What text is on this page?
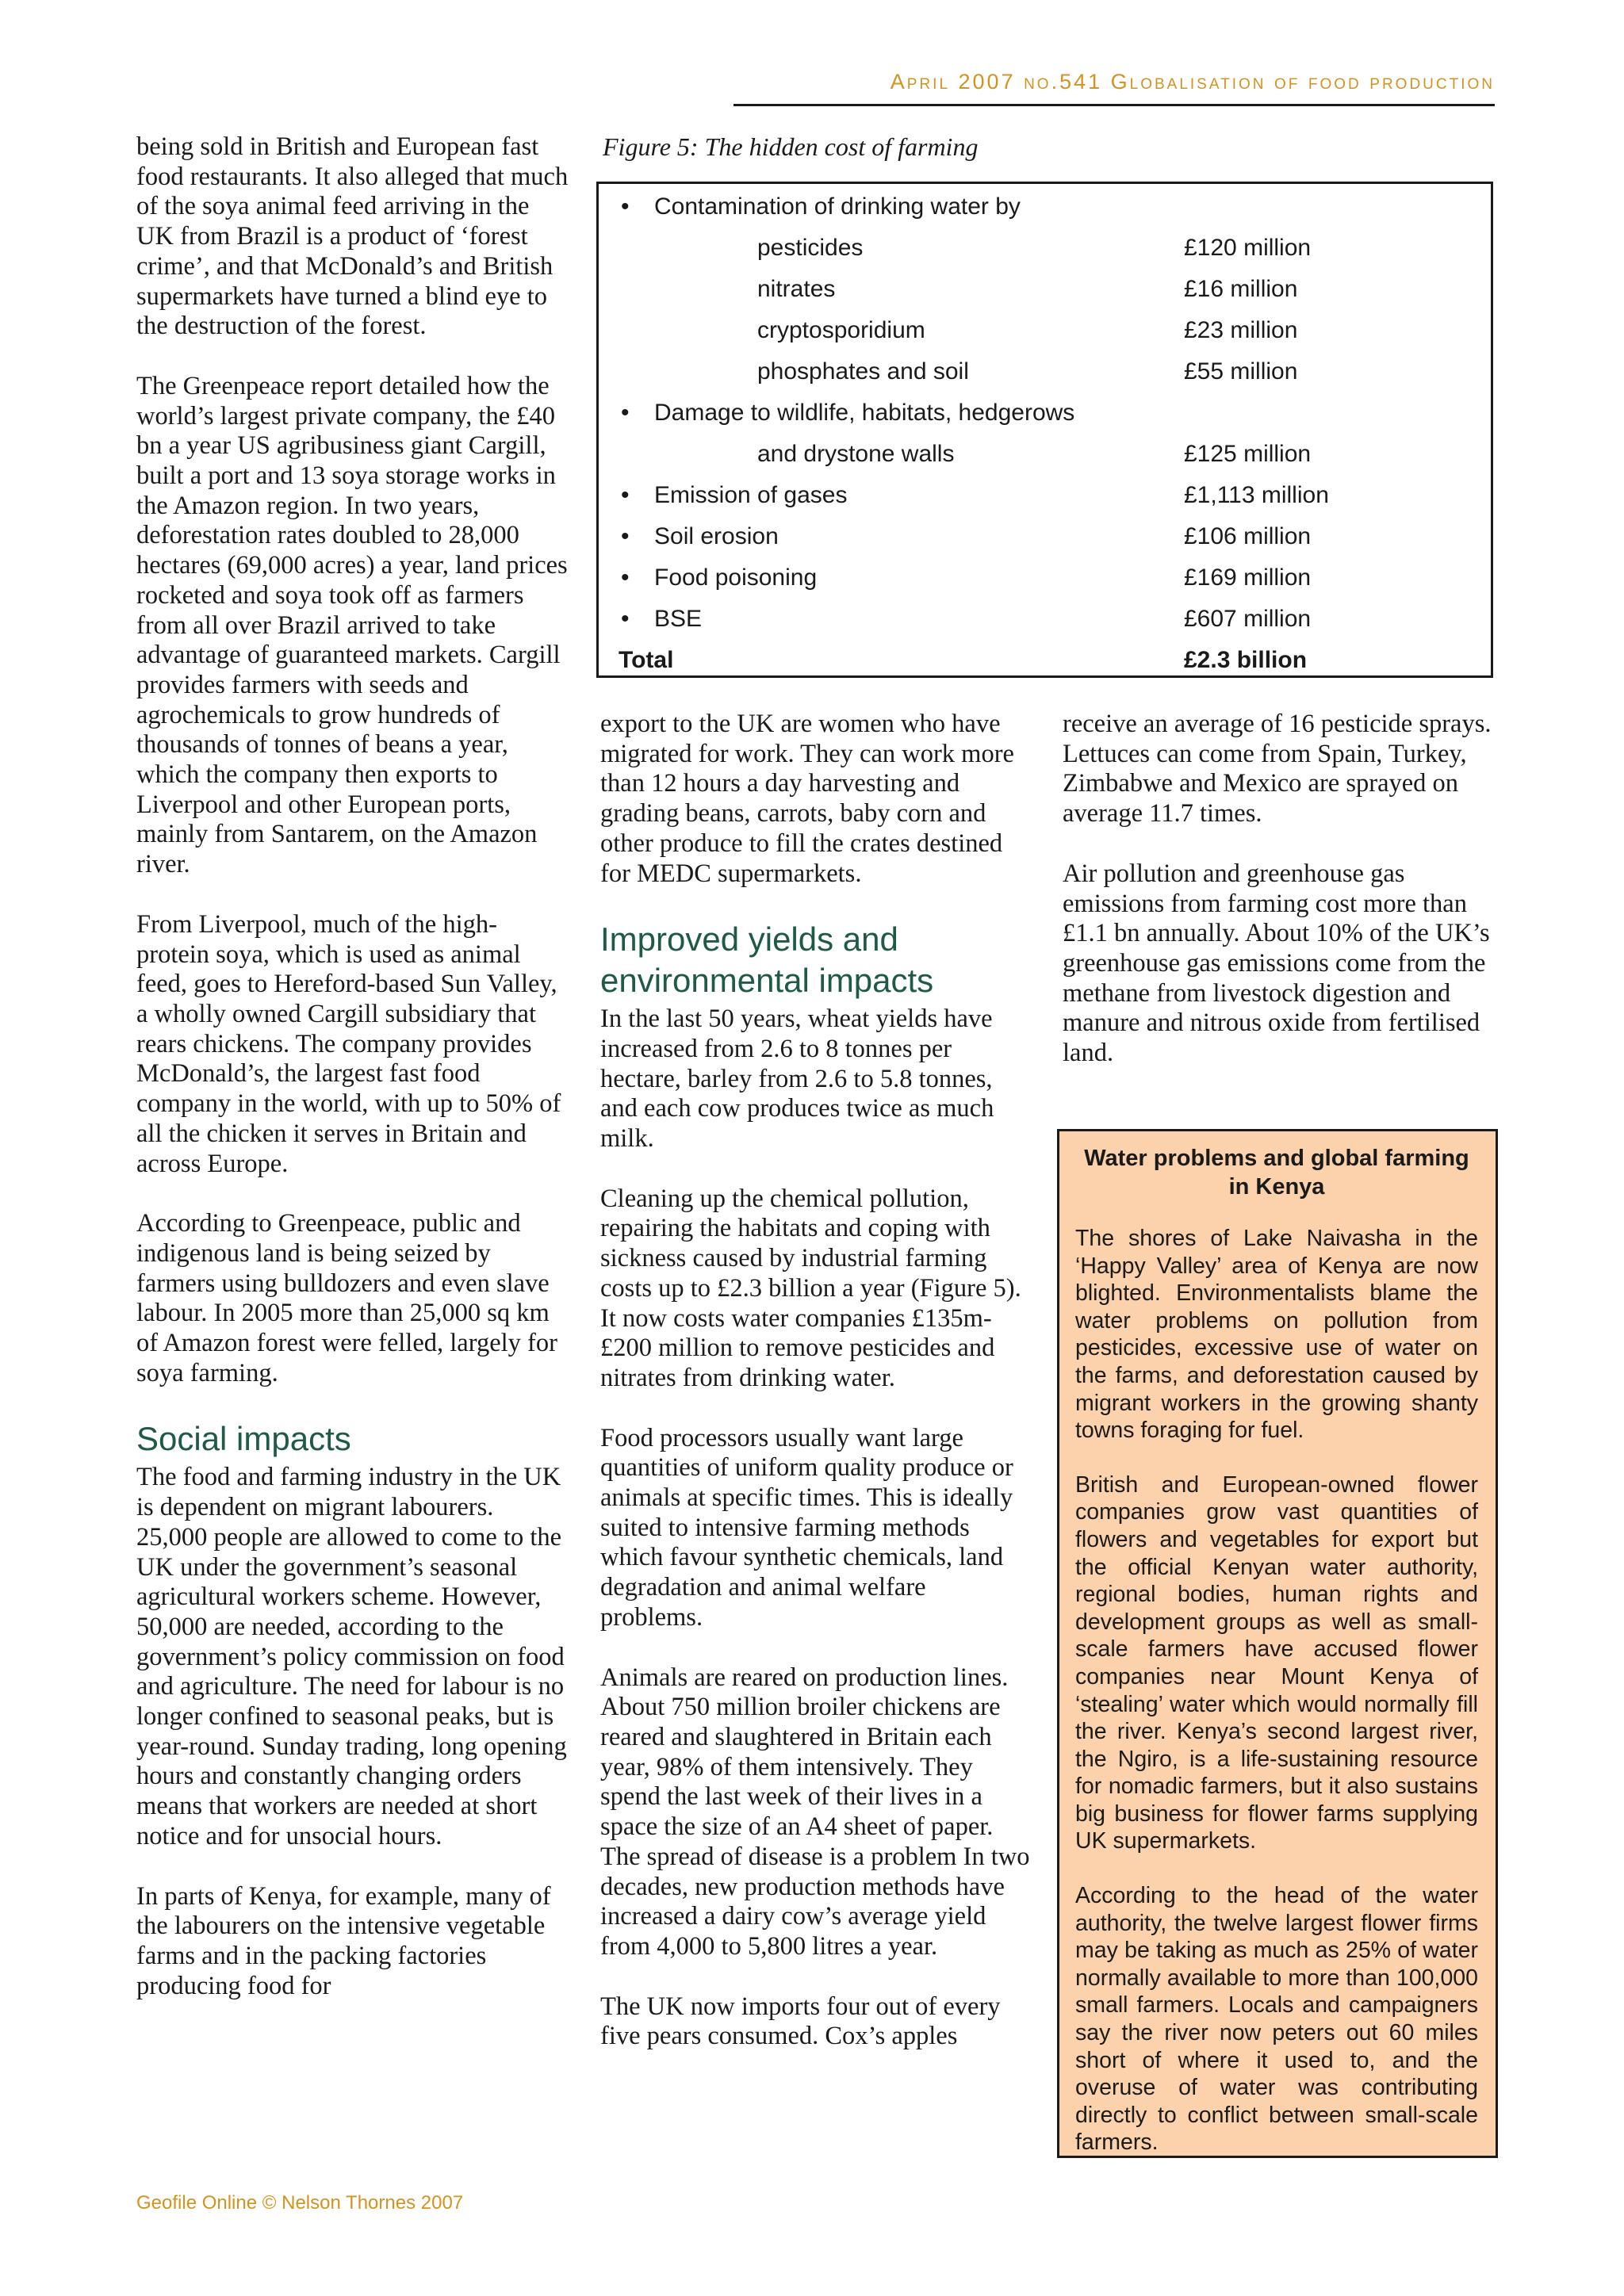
April 2007 no.541 Globalisation of food production

being sold in British and European fast food restaurants. It also alleged that much of the soya animal feed arriving in the UK from Brazil is a product of ‘forest crime’, and that McDonald’s and British supermarkets have turned a blind eye to the destruction of the forest.

The Greenpeace report detailed how the world’s largest private company, the £40 bn a year US agribusiness giant Cargill, built a port and 13 soya storage works in the Amazon region. In two years, deforestation rates doubled to 28,000 hectares (69,000 acres) a year, land prices rocketed and soya took off as farmers from all over Brazil arrived to take advantage of guaranteed markets. Cargill provides farmers with seeds and agrochemicals to grow hundreds of thousands of tonnes of beans a year, which the company then exports to Liverpool and other European ports, mainly from Santarem, on the Amazon river.

From Liverpool, much of the high-protein soya, which is used as animal feed, goes to Hereford-based Sun Valley, a wholly owned Cargill subsidiary that rears chickens. The company provides McDonald’s, the largest fast food company in the world, with up to 50% of all the chicken it serves in Britain and across Europe.

According to Greenpeace, public and indigenous land is being seized by farmers using bulldozers and even slave labour. In 2005 more than 25,000 sq km of Amazon forest were felled, largely for soya farming.

Social impacts

The food and farming industry in the UK is dependent on migrant labourers. 25,000 people are allowed to come to the UK under the government’s seasonal agricultural workers scheme. However, 50,000 are needed, according to the government’s policy commission on food and agriculture. The need for labour is no longer confined to seasonal peaks, but is year-round. Sunday trading, long opening hours and constantly changing orders means that workers are needed at short notice and for unsocial hours.

In parts of Kenya, for example, many of the labourers on the intensive vegetable farms and in the packing factories producing food for

Figure 5: The hidden cost of farming
• Contamination of drinking water by
pesticides	£120 million
nitrates	£16 million
cryptosporidium	£23 million
phosphates and soil	£55 million
• Damage to wildlife, habitats, hedgerows
and drystone walls	£125 million
• Emission of gases	£1,113 million
• Soil erosion	£106 million
• Food poisoning	£169 million
• BSE	£607 million
Total	£2.3 billion

export to the UK are women who have migrated for work. They can work more than 12 hours a day harvesting and grading beans, carrots, baby corn and other produce to fill the crates destined for MEDC supermarkets.

Improved yields and environmental impacts

In the last 50 years, wheat yields have increased from 2.6 to 8 tonnes per hectare, barley from 2.6 to 5.8 tonnes, and each cow produces twice as much milk.

Cleaning up the chemical pollution, repairing the habitats and coping with sickness caused by industrial farming costs up to £2.3 billion a year (Figure 5). It now costs water companies £135m-£200 million to remove pesticides and nitrates from drinking water.

Food processors usually want large quantities of uniform quality produce or animals at specific times. This is ideally suited to intensive farming methods which favour synthetic chemicals, land degradation and animal welfare problems.

Animals are reared on production lines. About 750 million broiler chickens are reared and slaughtered in Britain each year, 98% of them intensively. They spend the last week of their lives in a space the size of an A4 sheet of paper. The spread of disease is a problem In two decades, new production methods have increased a dairy cow’s average yield from 4,000 to 5,800 litres a year.

The UK now imports four out of every five pears consumed. Cox’s apples

receive an average of 16 pesticide sprays. Lettuces can come from Spain, Turkey, Zimbabwe and Mexico are sprayed on average 11.7 times.

Air pollution and greenhouse gas emissions from farming cost more than £1.1 bn annually. About 10% of the UK’s greenhouse gas emissions come from the methane from livestock digestion and manure and nitrous oxide from fertilised land.

Water problems and global farming in Kenya

The shores of Lake Naivasha in the ‘Happy Valley’ area of Kenya are now blighted. Environmentalists blame the water problems on pollution from pesticides, excessive use of water on the farms, and deforestation caused by migrant workers in the growing shanty towns foraging for fuel.

British and European-owned flower companies grow vast quantities of flowers and vegetables for export but the official Kenyan water authority, regional bodies, human rights and development groups as well as small-scale farmers have accused flower companies near Mount Kenya of ‘stealing’ water which would normally fill the river. Kenya’s second largest river, the Ngiro, is a life-sustaining resource for nomadic farmers, but it also sustains big business for flower farms supplying UK supermarkets.

According to the head of the water authority, the twelve largest flower firms may be taking as much as 25% of water normally available to more than 100,000 small farmers. Locals and campaigners say the river now peters out 60 miles short of where it used to, and the overuse of water was contributing directly to conflict between small-scale farmers.

Geofile Online © Nelson Thornes 2007
